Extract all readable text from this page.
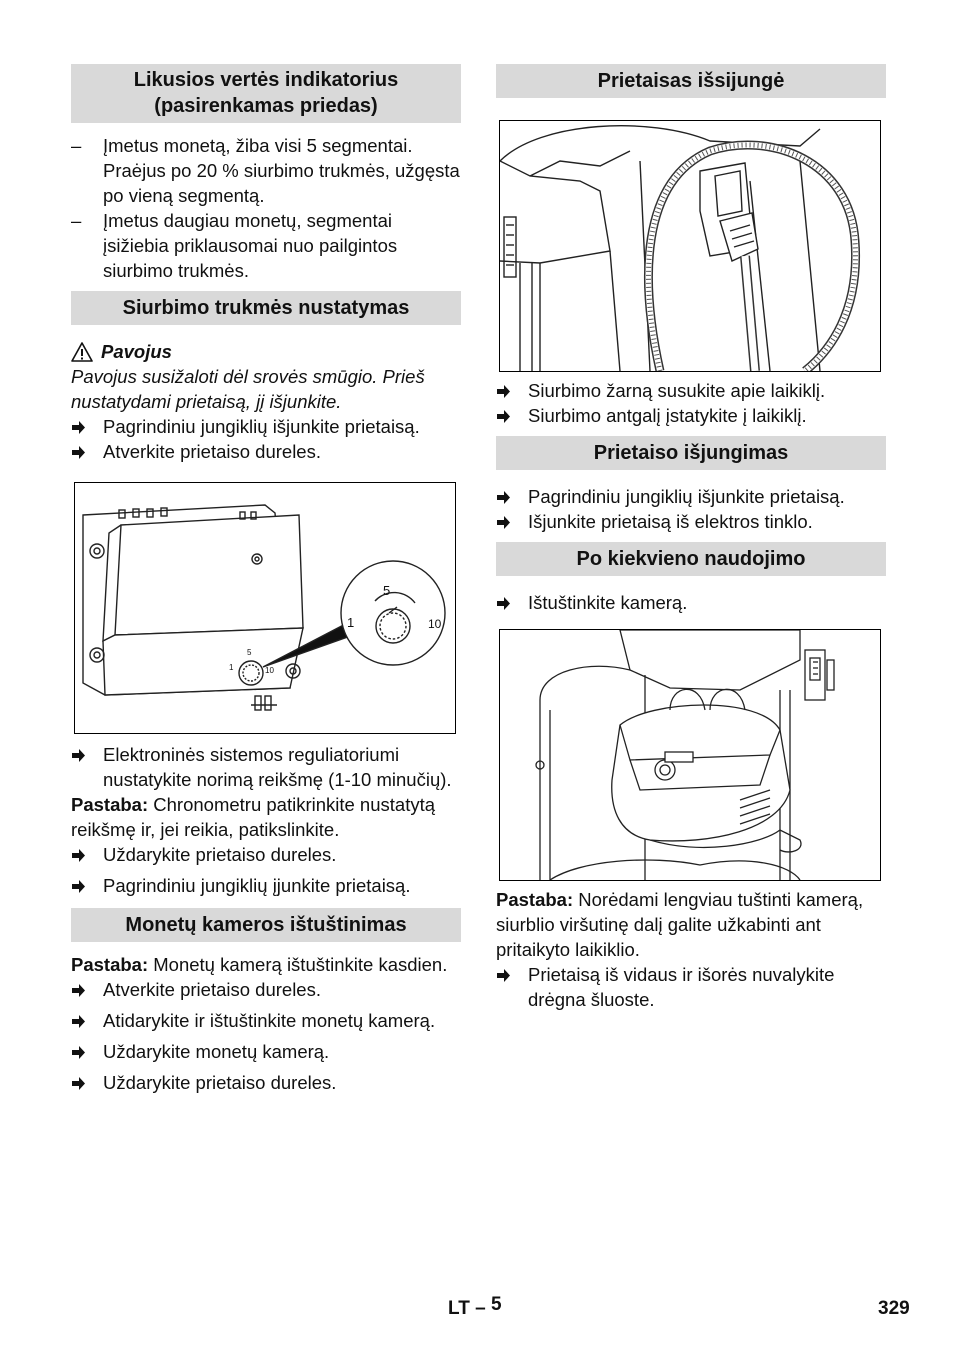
Likusios vertės indikatorius (pasirenkamas priedas)
–	Įmetus monetą, žiba visi 5 segmentai. Praėjus po 20 % siurbimo trukmės, užgęsta po vieną segmentą.
–	Įmetus daugiau monetų, segmentai įsižiebia priklausomai nuo pailgintos siurbimo trukmės.
Siurbimo trukmės nustatymas
Pavojus

Pavojus susižaloti dėl srovės smūgio. Prieš nustatydami prietaisą, jį išjunkite.

Pagrindiniu jungiklių išjunkite prietaisą.
Atverkite prietaiso dureles.
1
5
10
1
5
10
Elektroninės sistemos reguliatoriumi nustatykite norimą reikšmę (1-10 minučių).

Pastaba: Chronometru patikrinkite nustatytą reikšmę ir, jei reikia, patikslinkite.

Uždarykite prietaiso dureles.
Pagrindiniu jungiklių įjunkite prietaisą.
Monetų kameros ištuštinimas

Pastaba: Monetų kamerą ištuštinkite kasdien.

Atverkite prietaiso dureles.
Atidarykite ir ištuštinkite monetų kamerą.
Uždarykite monetų kamerą.
Uždarykite prietaiso dureles.
Prietaisas išsijungė
Siurbimo žarną susukite apie laikiklį.
Siurbimo antgalį įstatykite į laikiklį.
Prietaiso išjungimas
Pagrindiniu jungiklių išjunkite prietaisą.
Išjunkite prietaisą iš elektros tinklo.
Po kiekvieno naudojimo
Ištuštinkite kamerą.

Pastaba: Norėdami lengviau tuštinti kamerą, siurblio viršutinę dalį galite užkabinti ant pritaikyto laikiklio.

Prietaisą iš vidaus ir išorės nuvalykite drėgna šluoste.
LT – 5	329
